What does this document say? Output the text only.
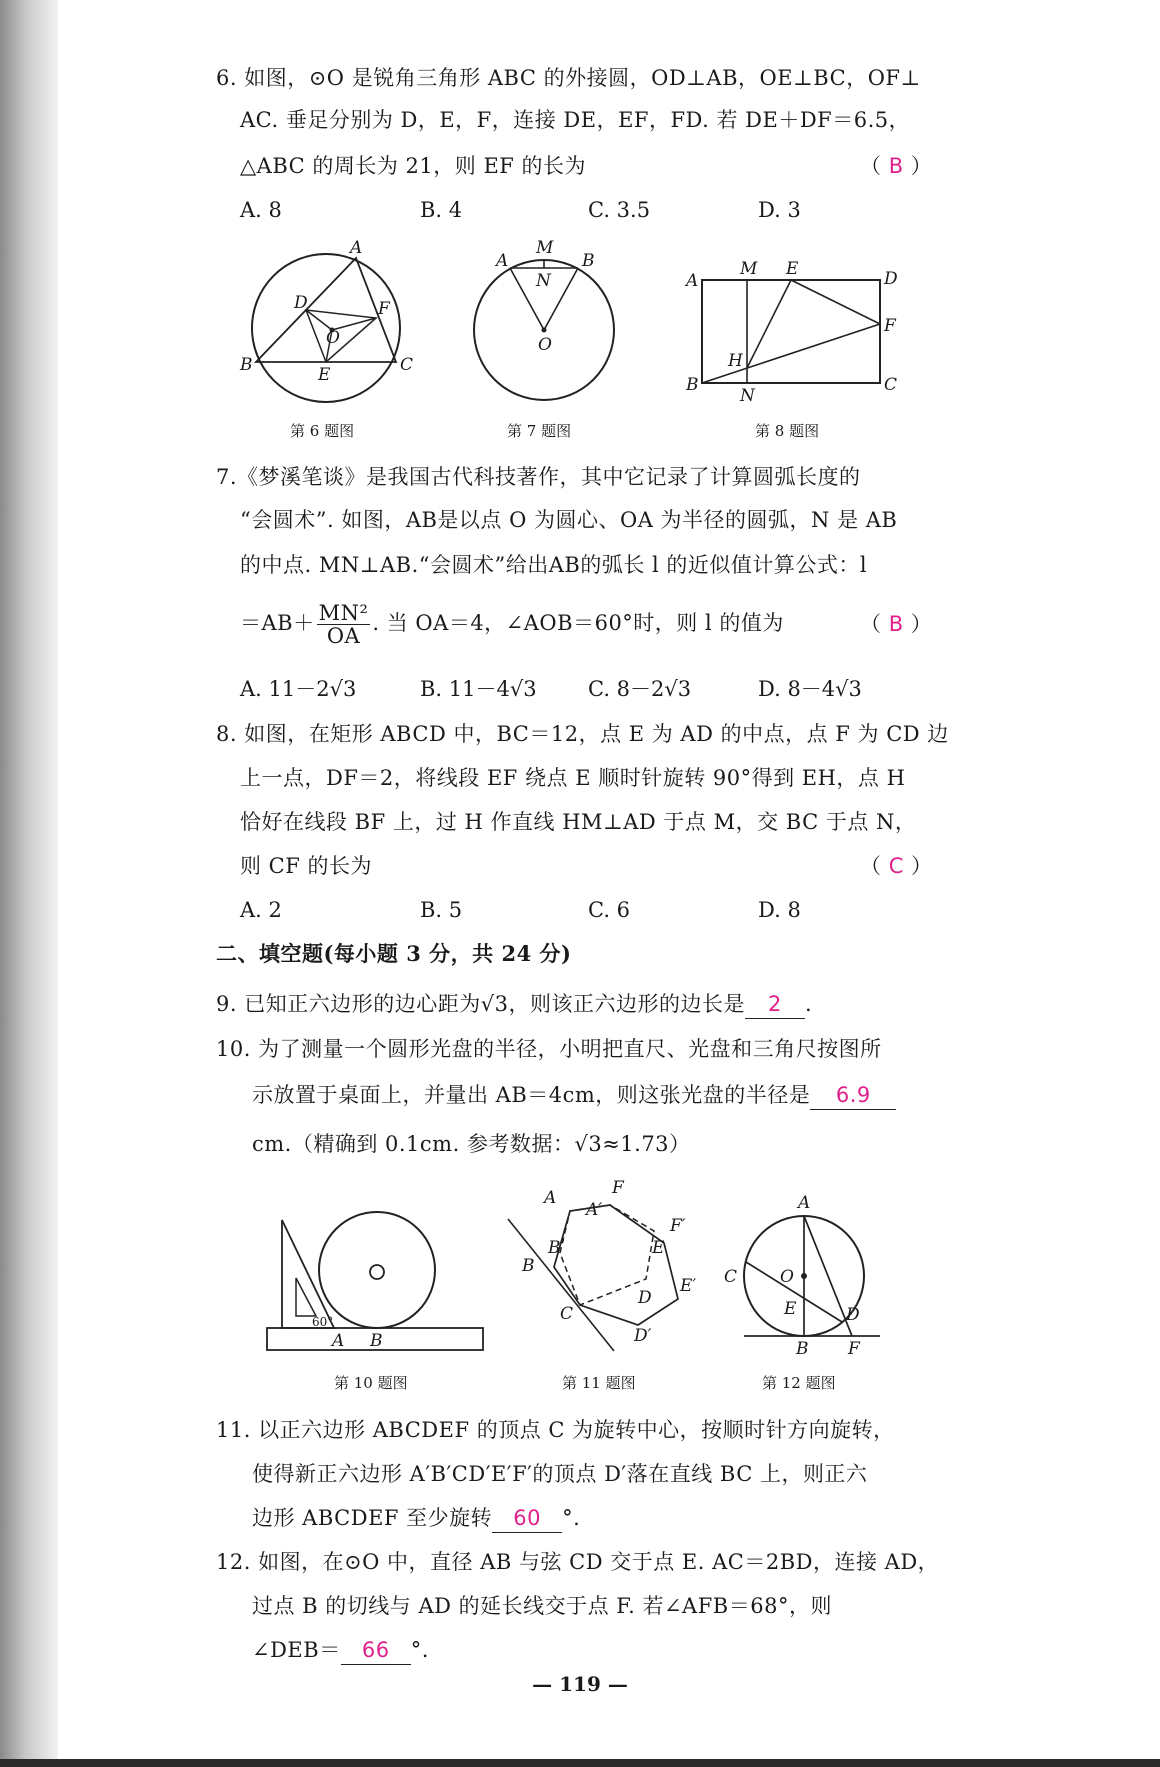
6. 如图，⊙O 是锐角三角形 ABC 的外接圆，OD⊥AB，OE⊥BC，OF⊥
AC. 垂足分别为 D，E，F，连接 DE，EF，FD. 若 DE＋DF＝6.5，
△ABC 的周长为 21，则 EF 的长为	（ B ）
A. 8	B. 4	C. 3.5	D. 3
A
B	C
D
E
F
O
A	B
M
N
O
A
M E	D
F
H
B
N
C
第 6 题图	第 7 题图	第 8 题图
7.《梦溪笔谈》是我国古代科技著作，其中它记录了计算圆弧长度的
“会圆术”. 如图，AB是以点 O 为圆心、OA 为半径的圆弧，N 是 AB
的中点. MN⊥AB.“会圆术”给出AB的弧长 l 的近似值计算公式：l
$=AB+ \frac{\text{MN²}}{OA}$ . 当 OA＝4，∠AOB＝60°时，则 l 的值为	（ B ）
A. 11－2√3	B. 11－4√3 C. 8－2√3	D. 8－4√3
8. 如图，在矩形 ABCD 中，BC＝12，点 E 为 AD 的中点，点 F 为 CD 边
上一点，DF＝2，将线段 EF 绕点 E 顺时针旋转 90°得到 EH，点 H
恰好在线段 BF 上，过 H 作直线 HM⊥AD 于点 M，交 BC 于点 N，
则 CF 的长为	（ C ）
A. 2	B. 5	C. 6	D. 8
二、填空题(每小题 3 分，共 24 分)
9. 已知正六边形的边心距为√3，则该正六边形的边长是 2 .
10. 为了测量一个圆形光盘的半径，小明把直尺、光盘和三角尺按图所
示放置于桌面上，并量出 AB＝4cm，则这张光盘的半径是 6.9
cm.（精确到 0.1cm. 参考数据：√3≈1.73）
60°
A B
A	F
A′
F′
B′	E
B
E′
C
D
D′
A
C	O
E	D
B F
第 10 题图	第 11 题图	第 12 题图
11. 以正六边形 ABCDEF 的顶点 C 为旋转中心，按顺时针方向旋转，
使得新正六边形 A′B′CD′E′F′的顶点 D′落在直线 BC 上，则正六
边形 ABCDEF 至少旋转 60 °.
12. 如图，在⊙O 中，直径 AB 与弦 CD 交于点 E. AC＝2BD，连接 AD，
过点 B 的切线与 AD 的延长线交于点 F. 若∠AFB＝68°，则
∠DEB＝ 66 °.
— 119 —
